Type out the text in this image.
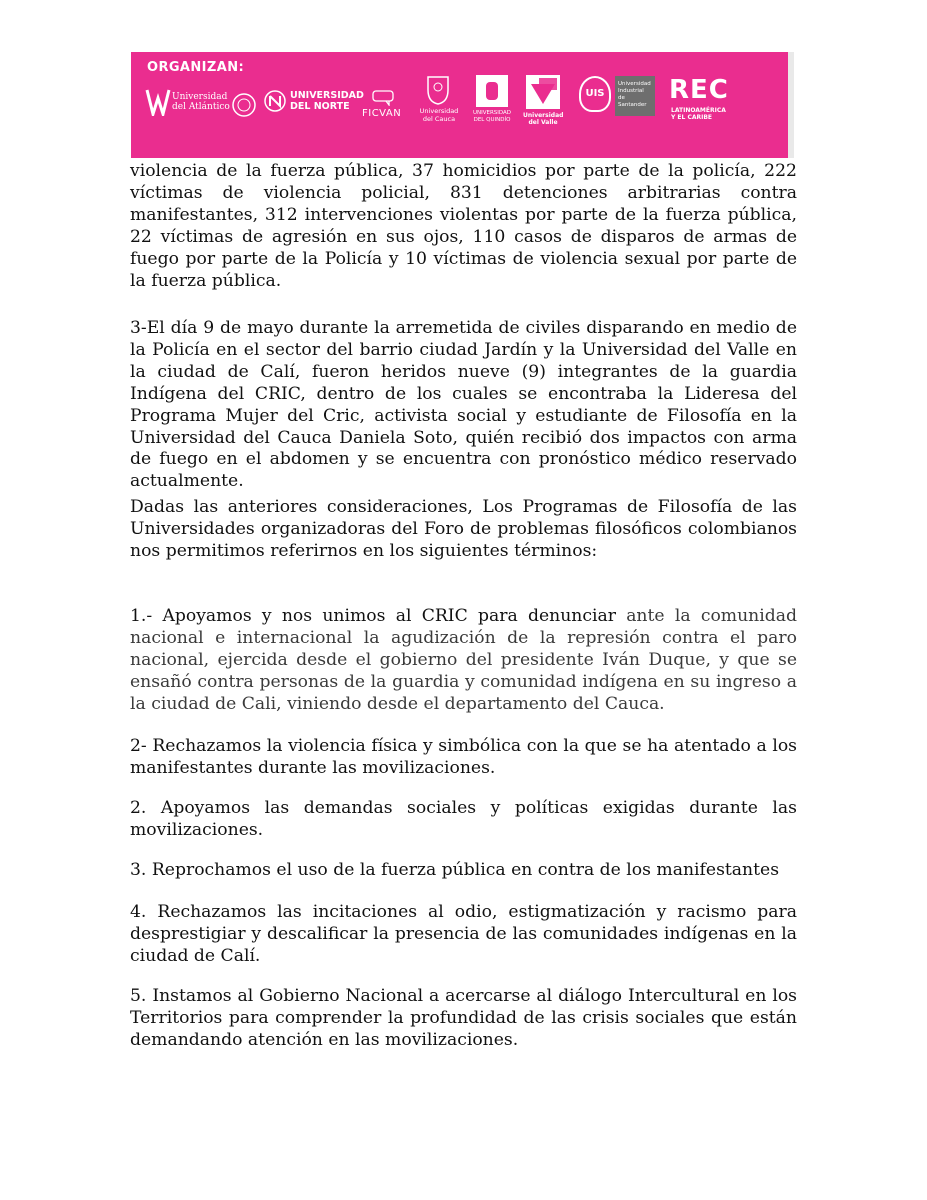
ORGANIZAN:
Universidad
del Atlántico
UNIVERSIDAD
DEL NORTE
FICVAN	Universidad del Cauca
UNIVERSIDAD DEL QUINDÍO
Universidad
del Valle
UIS
Universidad
Industrial de
Santander REC
LATINOAMÉRICA
Y EL CARIBE

violencia de la fuerza pública, 37 homicidios por parte de la policía, 222 víctimas de violencia policial, 831 detenciones arbitrarias contra manifestantes, 312 intervenciones violentas por parte de la fuerza pública, 22 víctimas de agresión en sus ojos, 110 casos de disparos de armas de fuego por parte de la Policía y 10 víctimas de violencia sexual por parte de la fuerza pública.

3-El día 9 de mayo durante la arremetida de civiles disparando en medio de la Policía en el sector del barrio ciudad Jardín y la Universidad del Valle en la ciudad de Calí, fueron heridos nueve (9) integrantes de la guardia Indígena del CRIC, dentro de los cuales se encontraba la Lideresa del Programa Mujer del Cric, activista social y estudiante de Filosofía en la Universidad del Cauca Daniela Soto, quién recibió dos impactos con arma de fuego en el abdomen y se encuentra con pronóstico médico reservado actualmente.

Dadas las anteriores consideraciones, Los Programas de Filosofía de las Universidades organizadoras del Foro de problemas filosóficos colombianos nos permitimos referirnos en los siguientes términos:

1.- Apoyamos y nos unimos al CRIC para denunciar ante la comunidad nacional e internacional la agudización de la represión contra el paro nacional, ejercida desde el gobierno del presidente Iván Duque, y que se ensañó contra personas de la guardia y comunidad indígena en su ingreso a la ciudad de Cali, viniendo desde el departamento del Cauca.

2- Rechazamos la violencia física y simbólica con la que se ha atentado a los manifestantes durante las movilizaciones.

2. Apoyamos las demandas sociales y políticas exigidas durante las movilizaciones.

3. Reprochamos el uso de la fuerza pública en contra de los manifestantes

4. Rechazamos las incitaciones al odio, estigmatización y racismo para desprestigiar y descalificar la presencia de las comunidades indígenas en la ciudad de Calí.

5. Instamos al Gobierno Nacional a acercarse al diálogo Intercultural en los Territorios para comprender la profundidad de las crisis sociales que están demandando atención en las movilizaciones.
